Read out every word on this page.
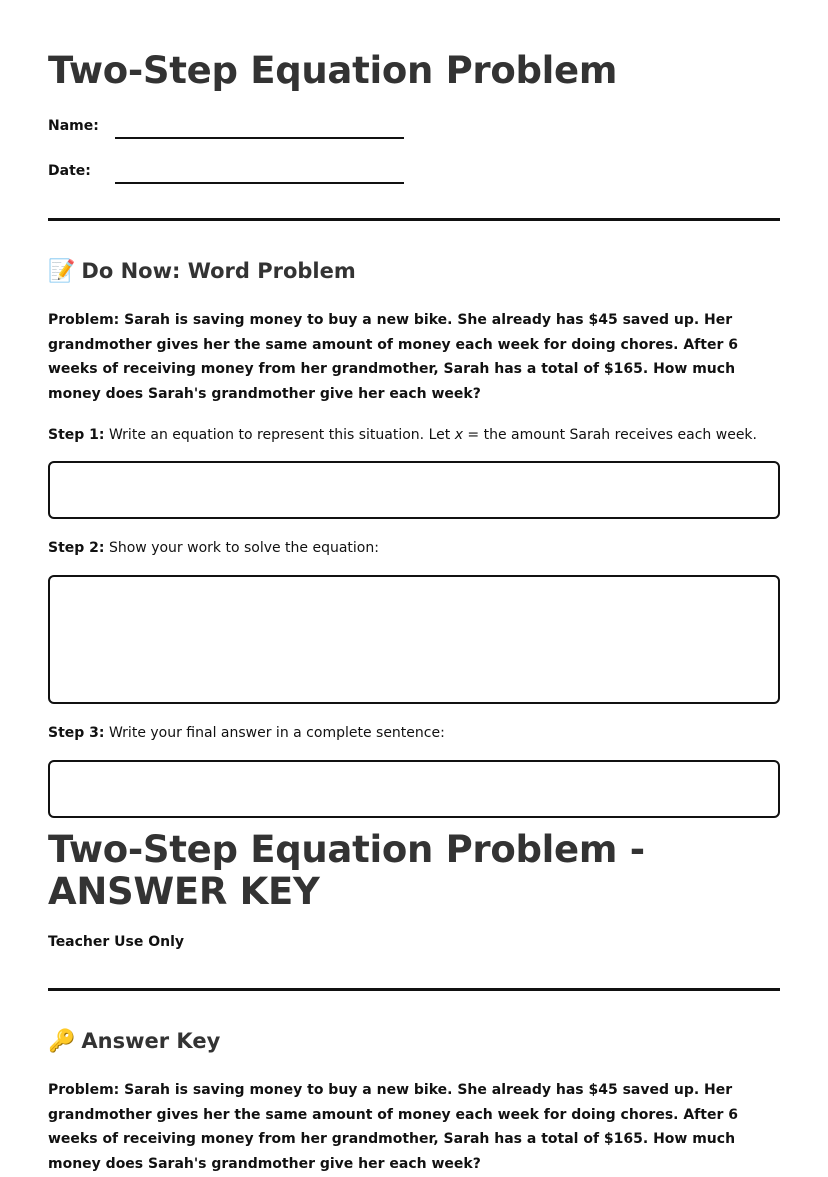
Two-Step Equation Problem
Name:
Date:
📝 Do Now: Word Problem

Problem: Sarah is saving money to buy a new bike. She already has $45 saved up. Her grandmother gives her the same amount of money each week for doing chores. After 6 weeks of receiving money from her grandmother, Sarah has a total of $165. How much money does Sarah's grandmother give her each week?

Step 1: Write an equation to represent this situation. Let x = the amount Sarah receives each week.

Step 2: Show your work to solve the equation:

Step 3: Write your final answer in a complete sentence:

Two-Step Equation Problem - ANSWER KEY
Teacher Use Only
🔑 Answer Key

Problem: Sarah is saving money to buy a new bike. She already has $45 saved up. Her grandmother gives her the same amount of money each week for doing chores. After 6 weeks of receiving money from her grandmother, Sarah has a total of $165. How much money does Sarah's grandmother give her each week?
